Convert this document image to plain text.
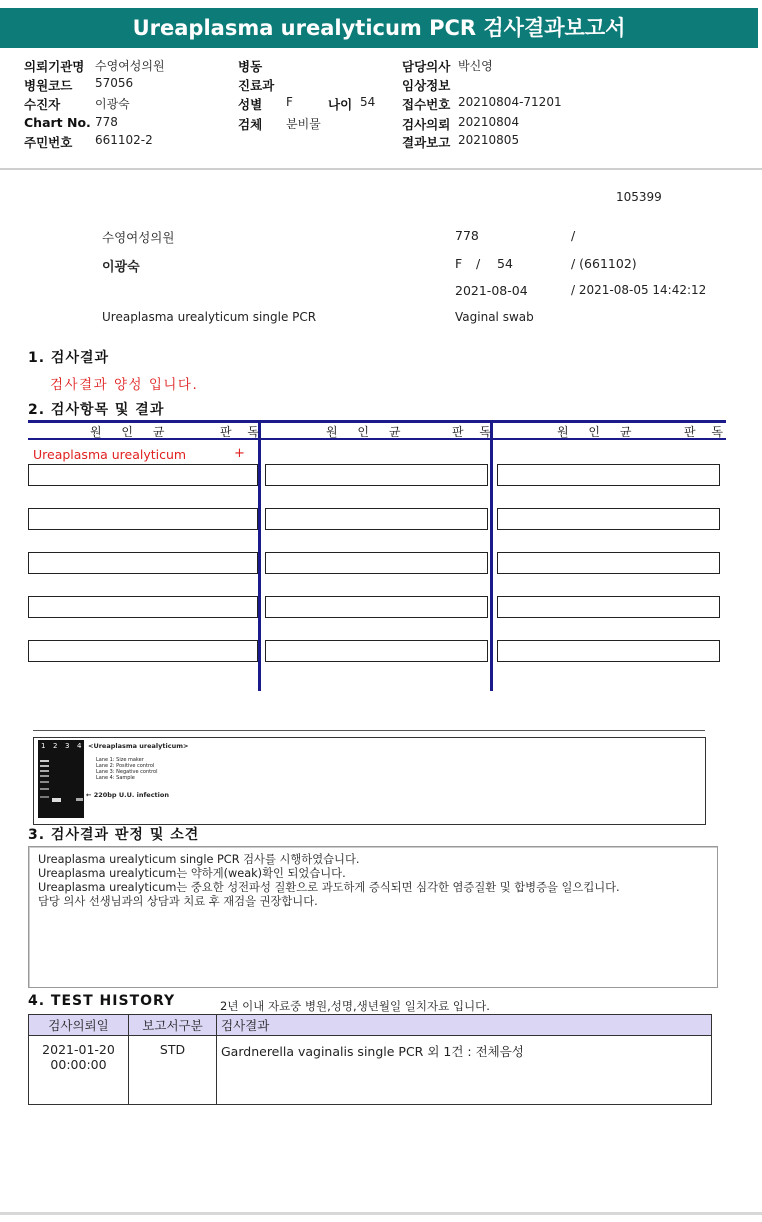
Ureaplasma urealyticum PCR 검사결과보고서
의뢰기관명 수영여성의원
병원코드 57056
수진자	이광숙
Chart No. 778
주민번호 661102-2
병동
진료과
성별 F	나이 54
검체 분비물
담당의사 박신영
임상정보
접수번호 20210804-71201
검사의뢰 20210804
결과보고 20210805
105399
수영여성의원	778	/
이광숙	F / 54	/ (661102)
2021-08-04	/ 2021-08-05 14:42:12
Ureaplasma urealyticum single PCR	Vaginal swab
1. 검사결과
검사결과 양성 입니다.
2. 검사항목 및 결과
원 인 균	판 독	원 인 균	판 독	원 인 균	판 독
Ureaplasma urealyticum	+
1 2 3 4 <Ureaplasma urealyticum>
Lane 1: Size maker
Lane 2: Positive control
Lane 3: Negative control
Lane 4: Sample
← 220bp U.U. infection
3. 검사결과 판정 및 소견
Ureaplasma urealyticum single PCR 검사를 시행하였습니다.
Ureaplasma urealyticum는 약하게(weak)확인 되었습니다.
Ureaplasma urealyticum는 중요한 성전파성 질환으로 과도하게 증식되면 심각한 염증질환 및 합병증을 일으킵니다.
담당 의사 선생님과의 상담과 치료 후 재검을 권장합니다.
4. TEST HISTORY	2년 이내 자료중 병원,성명,생년월일 일치자료 입니다.
검사의뢰일	보고서구분	검사결과

2021-01-20
00:00:00	STD	Gardnerella vaginalis single PCR 외 1건 : 전체음성
